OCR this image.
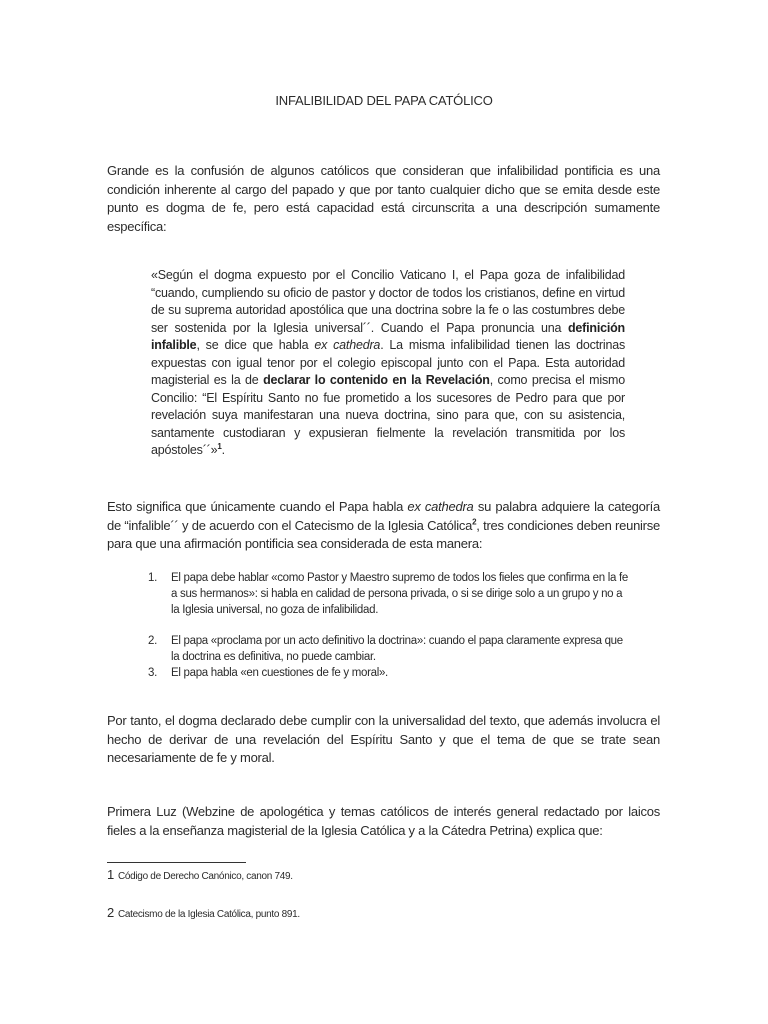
INFALIBILIDAD DEL PAPA CATÓLICO
Grande es la confusión de algunos católicos que consideran que infalibilidad pontificia es una condición inherente al cargo del papado y que por tanto cualquier dicho que se emita desde este punto es dogma de fe, pero está capacidad está circunscrita a una descripción sumamente específica:
«Según el dogma expuesto por el Concilio Vaticano I, el Papa goza de infalibilidad “cuando, cumpliendo su oficio de pastor y doctor de todos los cristianos, define en virtud de su suprema autoridad apostólica que una doctrina sobre la fe o las costumbres debe ser sostenida por la Iglesia universal´´. Cuando el Papa pronuncia una definición infalible, se dice que habla ex cathedra. La misma infalibilidad tienen las doctrinas expuestas con igual tenor por el colegio episcopal junto con el Papa. Esta autoridad magisterial es la de declarar lo contenido en la Revelación, como precisa el mismo Concilio: “El Espíritu Santo no fue prometido a los sucesores de Pedro para que por revelación suya manifestaran una nueva doctrina, sino para que, con su asistencia, santamente custodiaran y expusieran fielmente la revelación transmitida por los apóstoles´´»$^1$.
Esto significa que únicamente cuando el Papa habla ex cathedra su palabra adquiere la categoría de “infalible´´ y de acuerdo con el Catecismo de la Iglesia Católica$^2$, tres condiciones deben reunirse para que una afirmación pontificia sea considerada de esta manera:
1. El papa debe hablar «como Pastor y Maestro supremo de todos los fieles que confirma en la fe a sus hermanos»: si habla en calidad de persona privada, o si se dirige solo a un grupo y no a la Iglesia universal, no goza de infalibilidad.
2. El papa «proclama por un acto definitivo la doctrina»: cuando el papa claramente expresa que la doctrina es definitiva, no puede cambiar.
3. El papa habla «en cuestiones de fe y moral».
Por tanto, el dogma declarado debe cumplir con la universalidad del texto, que además involucra el hecho de derivar de una revelación del Espíritu Santo y que el tema de que se trate sean necesariamente de fe y moral.
Primera Luz (Webzine de apologética y temas católicos de interés general redactado por laicos fieles a la enseñanza magisterial de la Iglesia Católica y a la Cátedra Petrina) explica que:
1 Código de Derecho Canónico, canon 749.
2 Catecismo de la Iglesia Católica, punto 891.
